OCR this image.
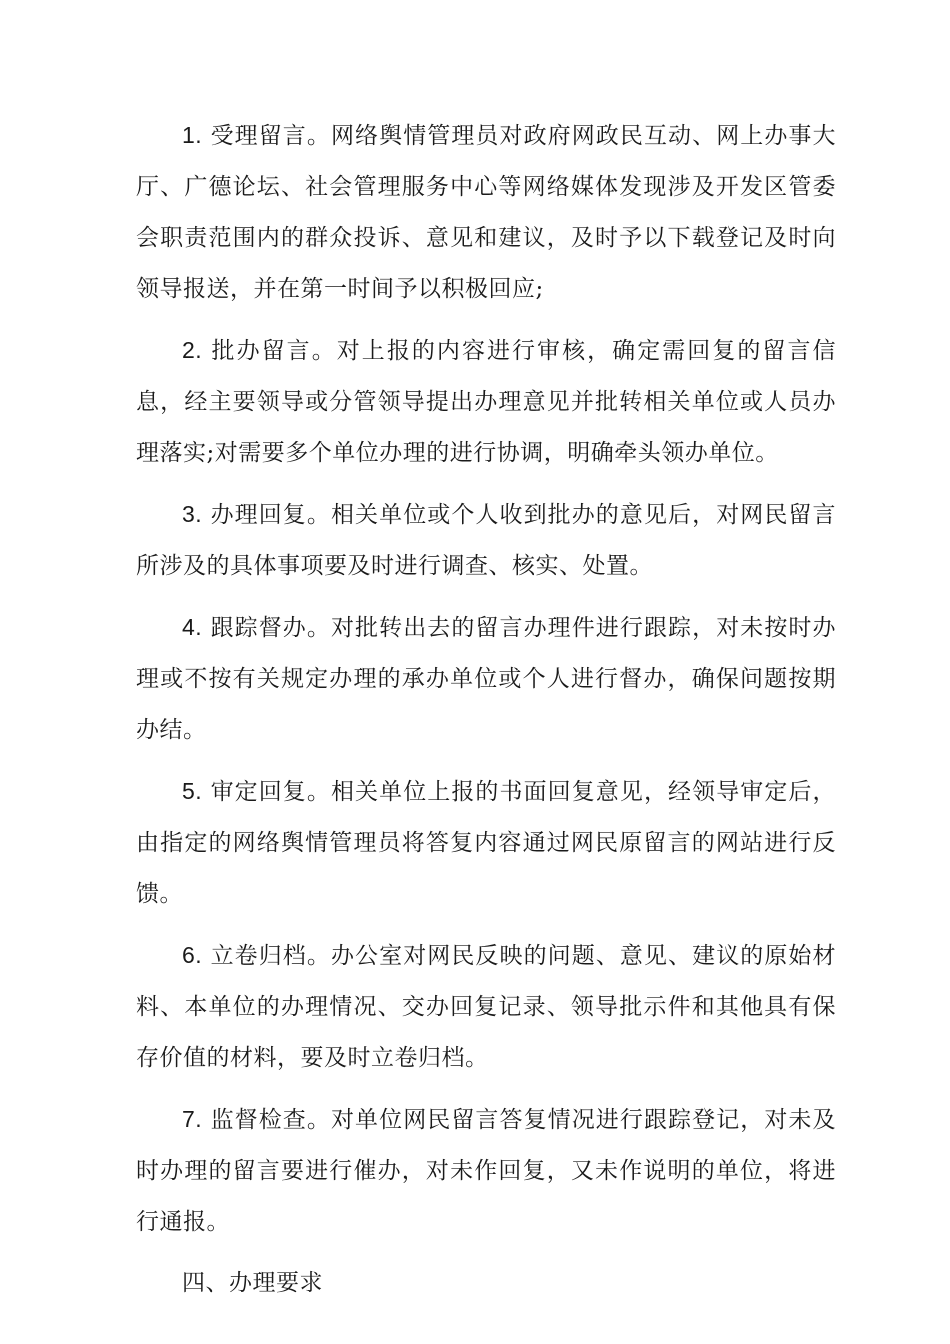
1. 受理留言。网络舆情管理员对政府网政民互动、网上办事大厅、广德论坛、社会管理服务中心等网络媒体发现涉及开发区管委会职责范围内的群众投诉、意见和建议，及时予以下载登记及时向领导报送，并在第一时间予以积极回应;

2. 批办留言。对上报的内容进行审核，确定需回复的留言信息，经主要领导或分管领导提出办理意见并批转相关单位或人员办理落实;对需要多个单位办理的进行协调，明确牵头领办单位。

3. 办理回复。相关单位或个人收到批办的意见后，对网民留言所涉及的具体事项要及时进行调查、核实、处置。

4. 跟踪督办。对批转出去的留言办理件进行跟踪，对未按时办理或不按有关规定办理的承办单位或个人进行督办，确保问题按期办结。

5. 审定回复。相关单位上报的书面回复意见，经领导审定后，由指定的网络舆情管理员将答复内容通过网民原留言的网站进行反馈。

6. 立卷归档。办公室对网民反映的问题、意见、建议的原始材料、本单位的办理情况、交办回复记录、领导批示件和其他具有保存价值的材料，要及时立卷归档。

7. 监督检查。对单位网民留言答复情况进行跟踪登记，对未及时办理的留言要进行催办，对未作回复，又未作说明的单位，将进行通报。

四、办理要求
